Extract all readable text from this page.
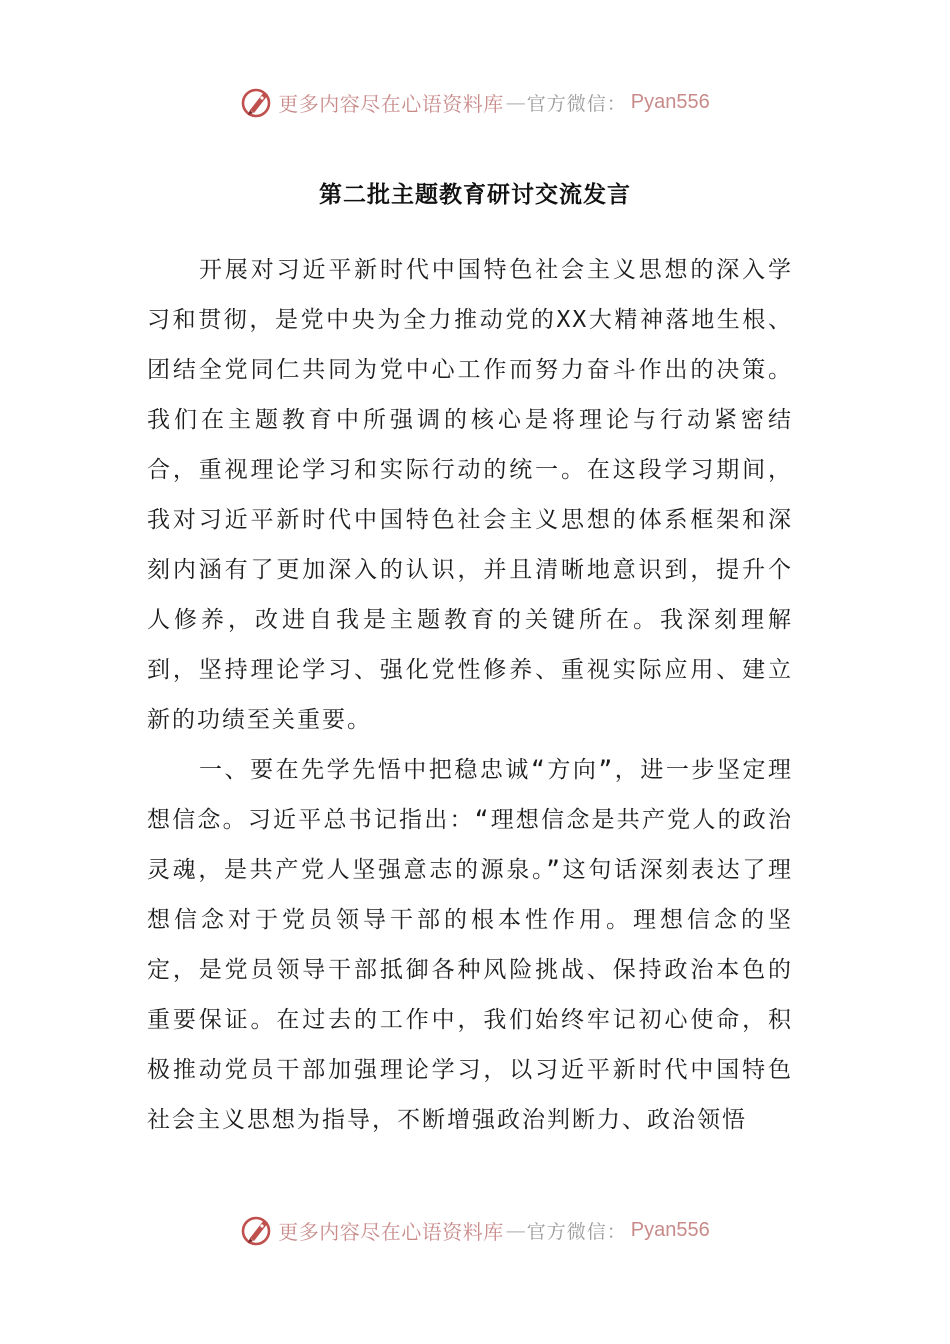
更多内容尽在心语资料库 — 官方微信： Pyan556
第二批主题教育研讨交流发言

开展对习近平新时代中国特色社会主义思想的深入学习和贯彻，是党中央为全力推动党的XX大精神落地生根、团结全党同仁共同为党中心工作而努力奋斗作出的决策。我们在主题教育中所强调的核心是将理论与行动紧密结合，重视理论学习和实际行动的统一。在这段学习期间，我对习近平新时代中国特色社会主义思想的体系框架和深刻内涵有了更加深入的认识，并且清晰地意识到，提升个人修养，改进自我是主题教育的关键所在。我深刻理解到，坚持理论学习、强化党性修养、重视实际应用、建立新的功绩至关重要。

一、要在先学先悟中把稳忠诚“方向”，进一步坚定理想信念。习近平总书记指出：“理想信念是共产党人的政治灵魂，是共产党人坚强意志的源泉。”这句话深刻表达了理想信念对于党员领导干部的根本性作用。理想信念的坚定，是党员领导干部抵御各种风险挑战、保持政治本色的重要保证。在过去的工作中，我们始终牢记初心使命，积极推动党员干部加强理论学习，以习近平新时代中国特色社会主义思想为指导，不断增强政治判断力、政治领悟

更多内容尽在心语资料库 — 官方微信： Pyan556
